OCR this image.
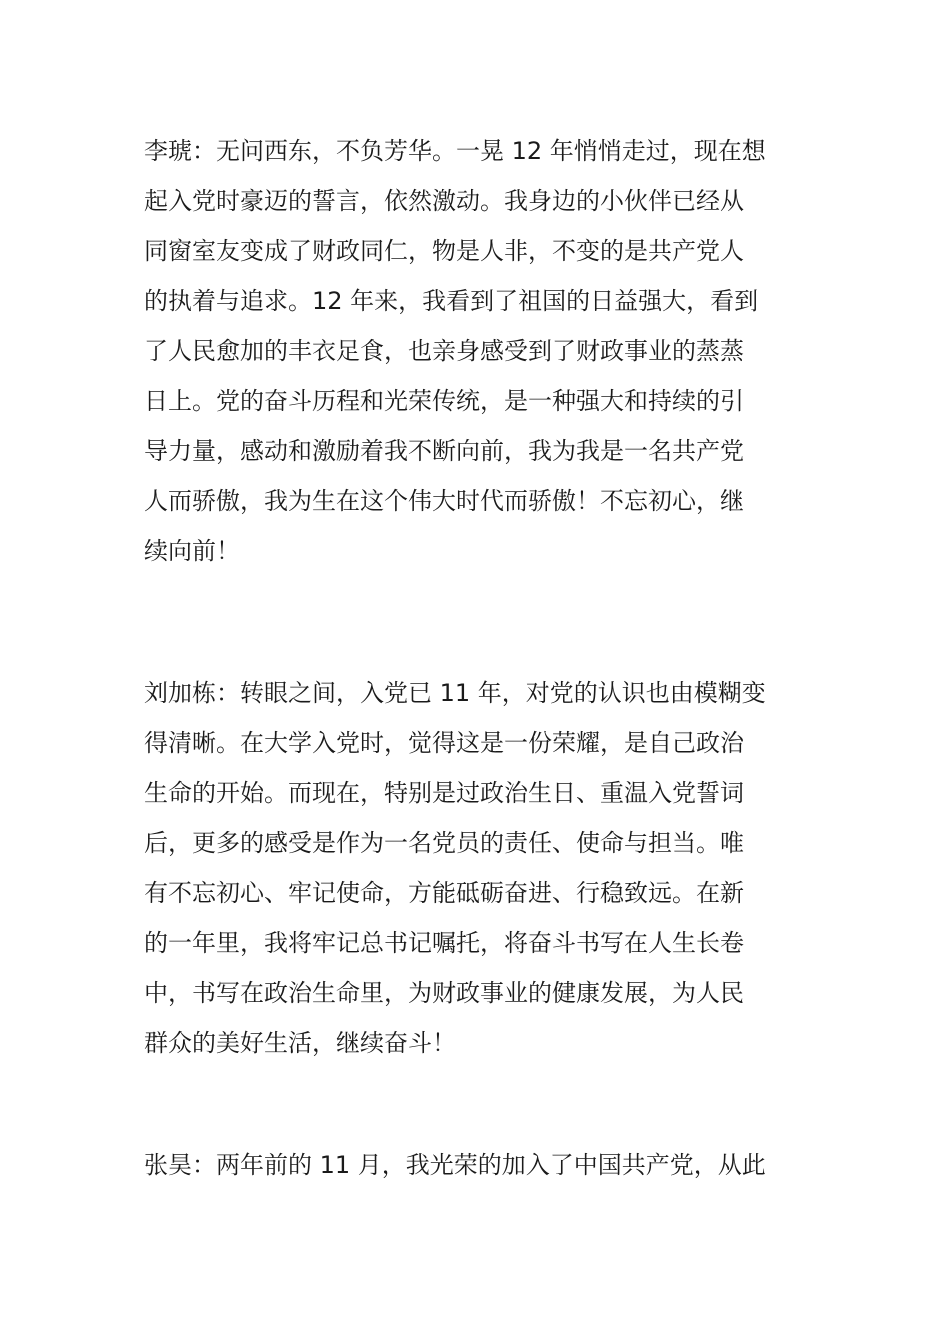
李琥：无问西东，不负芳华。一晃 12 年悄悄走过，现在想
起入党时豪迈的誓言，依然激动。我身边的小伙伴已经从
同窗室友变成了财政同仁，物是人非，不变的是共产党人
的执着与追求。12 年来，我看到了祖国的日益强大，看到
了人民愈加的丰衣足食，也亲身感受到了财政事业的蒸蒸
日上。党的奋斗历程和光荣传统，是一种强大和持续的引
导力量，感动和激励着我不断向前，我为我是一名共产党
人而骄傲，我为生在这个伟大时代而骄傲！不忘初心，继
续向前！

刘加栋：转眼之间，入党已 11 年，对党的认识也由模糊变
得清晰。在大学入党时，觉得这是一份荣耀，是自己政治
生命的开始。而现在，特别是过政治生日、重温入党誓词
后，更多的感受是作为一名党员的责任、使命与担当。唯
有不忘初心、牢记使命，方能砥砺奋进、行稳致远。在新
的一年里，我将牢记总书记嘱托，将奋斗书写在人生长卷
中，书写在政治生命里，为财政事业的健康发展，为人民
群众的美好生活，继续奋斗！

张昊：两年前的 11 月，我光荣的加入了中国共产党，从此
